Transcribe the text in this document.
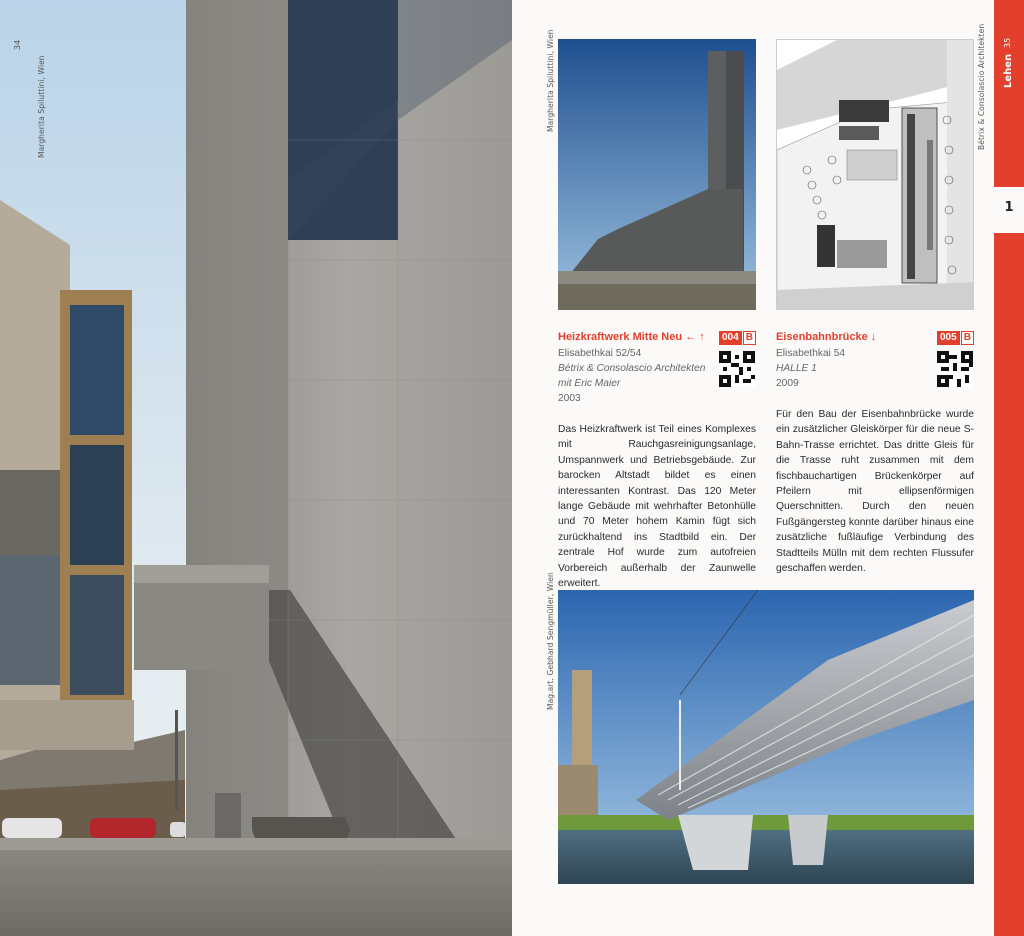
34
Margherita Spiluttini, Wien	Margherita Spiluttini, Wien	Bétrix & Consolascio Architekten
Heizkraftwerk Mitte Neu ← ↑	004 B
Elisabethkai 52/54
Bétrix & Consolascio Architekten
mit Eric Maier
2003
Das Heizkraftwerk ist Teil eines Komplexes mit Rauchgasreinigungsanlage, Umspannwerk und Betriebsgebäude. Zur barocken Altstadt bildet es einen interessanten Kontrast. Das 120 Meter lange Gebäude mit wehrhafter Betonhülle und 70 Meter hohem Kamin fügt sich zurückhaltend ins Stadtbild ein. Der zentrale Hof wurde zum autofreien Vorbereich außerhalb der Zaunwelle erweitert.
Eisenbahnbrücke ↓	005 B
Elisabethkai 54
HALLE 1
2009
Für den Bau der Eisenbahnbrücke wurde ein zusätzlicher Gleiskörper für die neue S-Bahn-Trasse errichtet. Das dritte Gleis für die Trasse ruht zusammen mit dem fischbauchartigen Brückenkörper auf Pfeilern mit ellipsenförmigen Querschnitten. Durch den neuen Fußgängersteg konnte darüber hinaus eine zusätzliche fußläufige Verbindung des Stadtteils Mülln mit dem rechten Flussufer geschaffen werden.
Mag.art. Gebhard Sengmüller, Wien
1
Lehen
35
